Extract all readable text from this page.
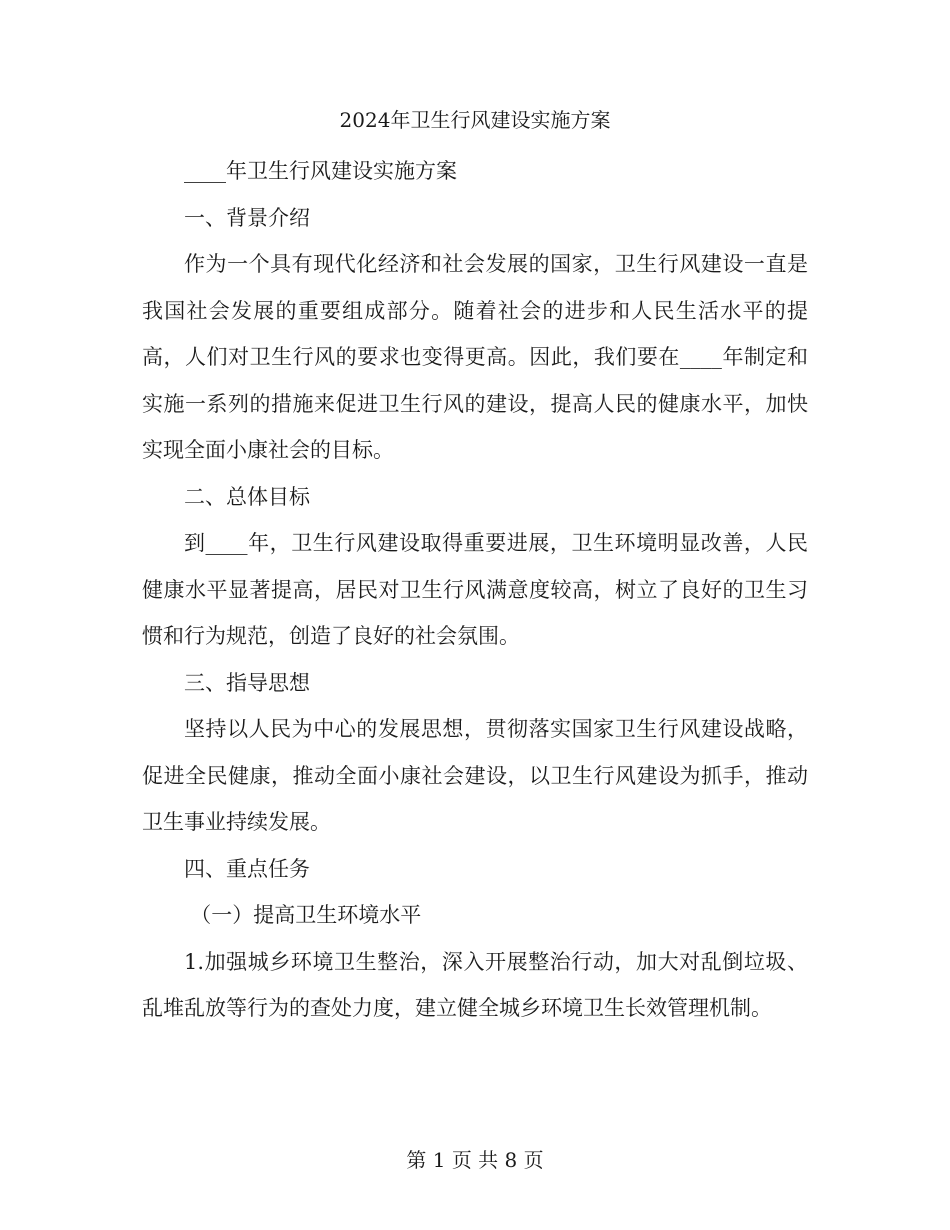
2024年卫生行风建设实施方案

____年卫生行风建设实施方案

一、背景介绍

作为一个具有现代化经济和社会发展的国家，卫生行风建设一直是我国社会发展的重要组成部分。随着社会的进步和人民生活水平的提高，人们对卫生行风的要求也变得更高。因此，我们要在____年制定和实施一系列的措施来促进卫生行风的建设，提高人民的健康水平，加快实现全面小康社会的目标。

二、总体目标

到____年，卫生行风建设取得重要进展，卫生环境明显改善，人民健康水平显著提高，居民对卫生行风满意度较高，树立了良好的卫生习惯和行为规范，创造了良好的社会氛围。

三、指导思想

坚持以人民为中心的发展思想，贯彻落实国家卫生行风建设战略，促进全民健康，推动全面小康社会建设，以卫生行风建设为抓手，推动卫生事业持续发展。

四、重点任务

（一）提高卫生环境水平

1.加强城乡环境卫生整治，深入开展整治行动，加大对乱倒垃圾、乱堆乱放等行为的查处力度，建立健全城乡环境卫生长效管理机制。

第 1 页 共 8 页
